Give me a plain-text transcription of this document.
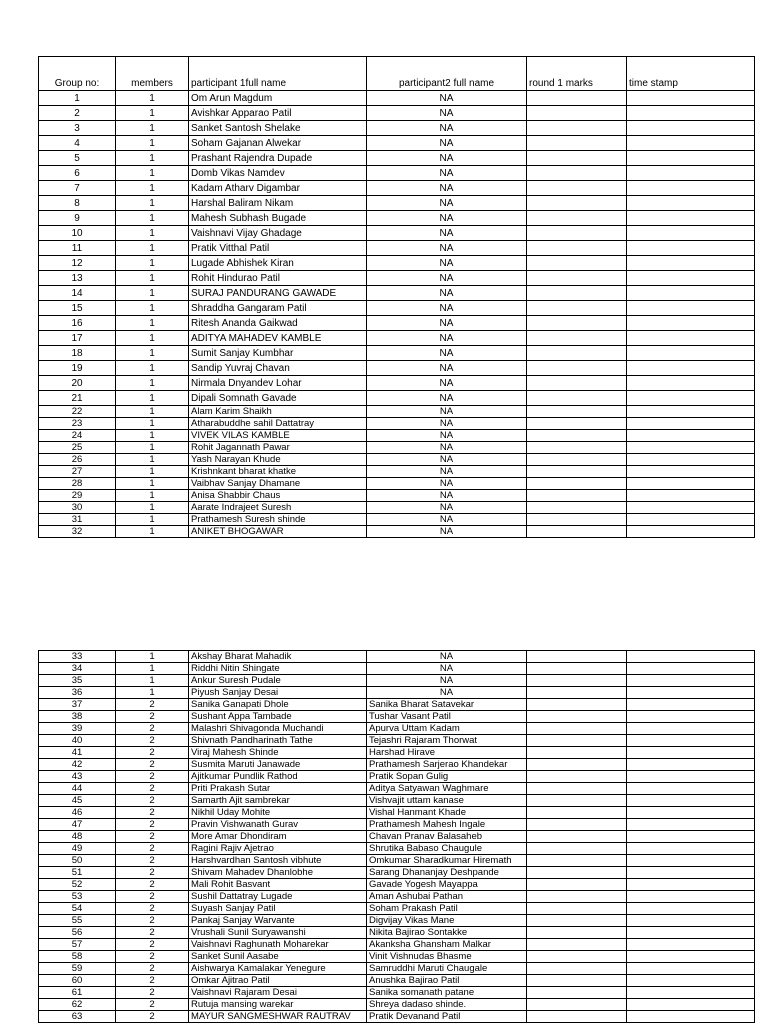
Group no:	members	participant 1full name	participant2 full name	round 1 marks	time stamp
1	1	Om Arun Magdum	NA		
2	1	Avishkar Apparao Patil	NA		
3	1	Sanket Santosh Shelake	NA		
4	1	Soham Gajanan Alwekar	NA		
5	1	Prashant Rajendra Dupade	NA		
6	1	Domb Vikas Namdev	NA		
7	1	Kadam Atharv Digambar	NA		
8	1	Harshal Baliram Nikam	NA		
9	1	Mahesh Subhash Bugade	NA		
10	1	Vaishnavi Vijay Ghadage	NA		
11	1	Pratik Vitthal Patil	NA		
12	1	Lugade Abhishek Kiran	NA		
13	1	Rohit Hindurao Patil	NA		
14	1	SURAJ PANDURANG GAWADE	NA		
15	1	Shraddha Gangaram Patil	NA		
16	1	Ritesh Ananda Gaikwad	NA		
17	1	ADITYA MAHADEV KAMBLE	NA		
18	1	Sumit Sanjay Kumbhar	NA		
19	1	Sandip Yuvraj Chavan	NA		
20	1	Nirmala Dnyandev Lohar	NA		
21	1	Dipali Somnath Gavade	NA		
22	1	Alam Karim Shaikh	NA		
23	1	Atharabuddhe sahil Dattatray	NA		
24	1	VIVEK VILAS KAMBLE	NA		
25	1	Rohit Jagannath Pawar	NA		
26	1	Yash Narayan Khude	NA		
27	1	Krishnkant bharat khatke	NA		
28	1	Vaibhav Sanjay Dhamane	NA		
29	1	Anisa Shabbir Chaus	NA		
30	1	Aarate Indrajeet Suresh	NA		
31	1	Prathamesh Suresh shinde	NA		
32	1	ANIKET BHOGAWAR	NA		
33	1	Akshay Bharat Mahadik	NA		
34	1	Riddhi Nitin Shingate	NA		
35	1	Ankur Suresh Pudale	NA		
36	1	Piyush Sanjay Desai	NA		
37	2	Sanika Ganapati Dhole	Sanika Bharat Satavekar		
38	2	Sushant Appa Tambade	Tushar Vasant Patil		
39	2	Malashri Shivagonda Muchandi	Apurva Uttam Kadam		
40	2	Shivnath Pandharinath Tathe	Tejashri Rajaram Thorwat		
41	2	Viraj Mahesh Shinde	Harshad Hirave		
42	2	Susmita Maruti Janawade	Prathamesh Sarjerao Khandekar		
43	2	Ajitkumar Pundlik Rathod	Pratik Sopan Gulig		
44	2	Priti Prakash Sutar	Aditya Satyawan Waghmare		
45	2	Samarth Ajit sambrekar	Vishvajit uttam kanase		
46	2	Nikhil Uday Mohite	Vishal Hanmant Khade		
47	2	Pravin Vishwanath Gurav	Prathamesh Mahesh Ingale		
48	2	More Amar Dhondiram	Chavan Pranav Balasaheb		
49	2	Ragini Rajiv Ajetrao	Shrutika Babaso Chaugule		
50	2	Harshvardhan Santosh vibhute	Omkumar Sharadkumar Hiremath		
51	2	Shivam Mahadev Dhanlobhe	Sarang Dhananjay Deshpande		
52	2	Mali Rohit Basvant	Gavade Yogesh Mayappa		
53	2	Sushil Dattatray Lugade	Aman Ashubai Pathan		
54	2	Suyash Sanjay Patil	Soham Prakash Patil		
55	2	Pankaj Sanjay Warvante	Digvijay Vikas Mane		
56	2	Vrushali Sunil Suryawanshi	Nikita Bajirao Sontakke		
57	2	Vaishnavi Raghunath Moharekar	Akanksha Ghansham Malkar		
58	2	Sanket Sunil Aasabe	Vinit Vishnudas Bhasme		
59	2	Aishwarya Kamalakar Yenegure	Samruddhi Maruti Chaugale		
60	2	Omkar Ajitrao Patil	Anushka Bajirao Patil		
61	2	Vaishnavi Rajaram Desai	Sanika somanath patane		
62	2	Rutuja mansing warekar	Shreya dadaso shinde.		
63	2	MAYUR SANGMESHWAR RAUTRAV	Pratik Devanand Patil		
